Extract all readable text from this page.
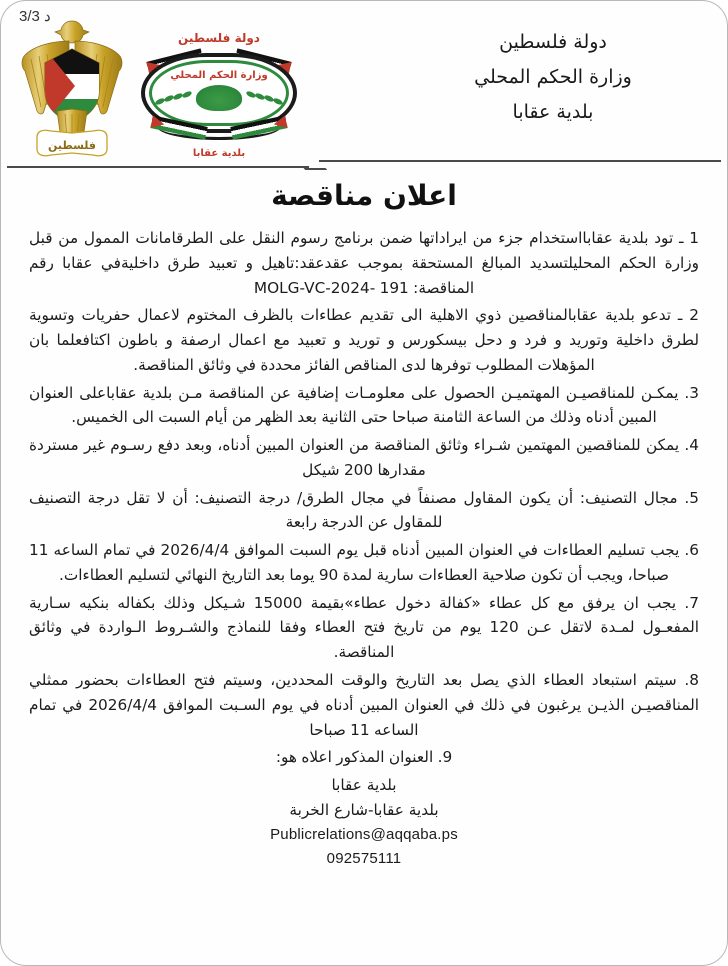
د 3/3
دولة فلسطين
وزارة الحكم المحلي
بلدية عقابا
فلسطين
دولة فلسطين
وزارة الحكم المحلي
بلدية عقابا
اعلان مناقصة

1 ـ تود بلدية عقابااستخدام جزء من ايراداتها ضمن برنامج رسوم النقل على الطرقامانات الممول من قبل وزارة الحكم المحليلتسديد المبالغ المستحقة بموجب عقدعقد:تاهيل و تعبيد طرق داخليةفي عقابا رقم المناقصة: MOLG-VC-2024- 191

2 ـ تدعو بلدية عقابالمناقصين ذوي الاهلية الى تقديم عطاءات بالظرف المختوم لاعمال حفريات وتسوية لطرق داخلية وتوريد و فرد و دحل بيسكورس و توريد و تعبيد مع اعمال ارصفة و باطون اكتافعلما بان المؤهلات المطلوب توفرها لدى المناقص الفائز محددة في وثائق المناقصة.

3. يمكـن للمناقصيـن المهتميـن الحصول على معلومـات إضافية عن المناقصة مـن بلدية عقاباعلى العنوان المبين أدناه وذلك من الساعة الثامنة صباحا حتى الثانية بعد الظهر من أيام السبت الى الخميس.

4. يمكن للمناقصين المهتمين شـراء وثائق المناقصة من العنوان المبين أدناه، وبعد دفع رسـوم غير مستردة مقدارها 200 شيكل

5. مجال التصنيف: أن يكون المقاول مصنفاً في مجال الطرق/ درجة التصنيف: أن لا تقل درجة التصنيف للمقاول عن الدرجة رابعة

6. يجب تسليم العطاءات في العنوان المبين أدناه قبل يوم السبت الموافق 2026/4/4 في تمام الساعه 11 صباحا، ويجب أن تكون صلاحية العطاءات سارية لمدة 90 يوما بعد التاريخ النهائي لتسليم العطاءات.

7. يجب ان يرفق مع كل عطاء «كفالة دخول عطاء»بقيمة 15000 شـيكل وذلك بكفاله بنكيه سـارية المفعـول لمـدة لاتقل عـن 120 يوم من تاريخ فتح العطاء وفقا للنماذج والشـروط الـواردة في وثائق المناقصة.

8. سيتم استبعاد العطاء الذي يصل بعد التاريخ والوقت المحددين، وسيتم فتح العطاءات بحضور ممثلي المناقصيـن الذيـن يرغبون في ذلك في العنوان المبين أدناه في يوم السـبت الموافق 2026/4/4 في تمام الساعه 11 صباحا

9. العنوان المذكور اعلاه هو:

بلدية عقابا
بلدية عقابا-شارع الخربة
Publicrelations@aqqaba.ps
092575111
